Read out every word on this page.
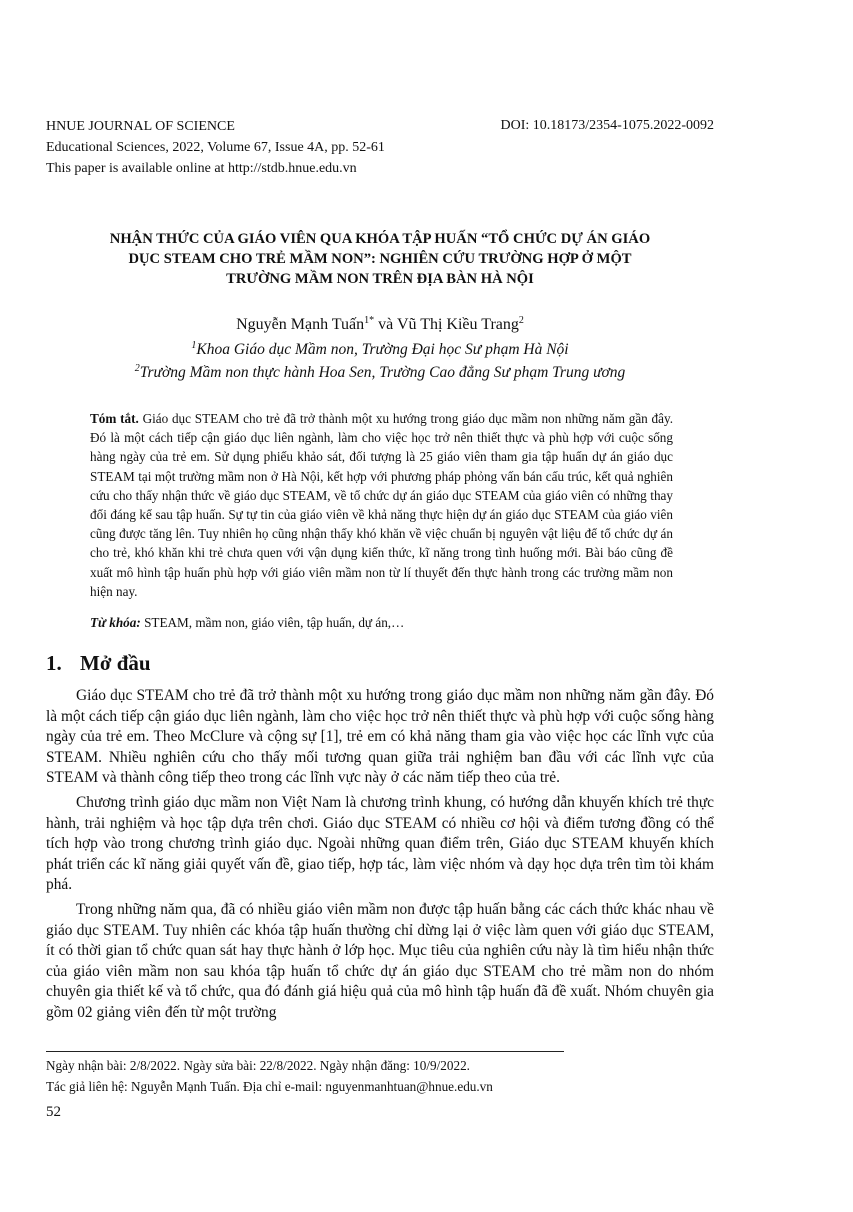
HNUE JOURNAL OF SCIENCE	DOI: 10.18173/2354-1075.2022-0092
Educational Sciences, 2022, Volume 67, Issue 4A, pp. 52-61
This paper is available online at http://stdb.hnue.edu.vn
NHẬN THỨC CỦA GIÁO VIÊN QUA KHÓA TẬP HUẤN “TỔ CHỨC DỰ ÁN GIÁO
DỤC STEAM CHO TRẺ MẦM NON”: NGHIÊN CỨU TRƯỜNG HỢP Ở MỘT
TRƯỜNG MẦM NON TRÊN ĐỊA BÀN HÀ NỘI
Nguyễn Mạnh Tuấn$^{1*}$ và Vũ Thị Kiều Trang$^2$
$^1$Khoa Giáo dục Mầm non, Trường Đại học Sư phạm Hà Nội
$^2$Trường Mầm non thực hành Hoa Sen, Trường Cao đẳng Sư phạm Trung ương
Tóm tắt. Giáo dục STEAM cho trẻ đã trở thành một xu hướng trong giáo dục mầm non những năm gần đây. Đó là một cách tiếp cận giáo dục liên ngành, làm cho việc học trở nên thiết thực và phù hợp với cuộc sống hàng ngày của trẻ em. Sử dụng phiếu khảo sát, đối tượng là 25 giáo viên tham gia tập huấn dự án giáo dục STEAM tại một trường mầm non ở Hà Nội, kết hợp với phương pháp phỏng vấn bán cấu trúc, kết quả nghiên cứu cho thấy nhận thức về giáo dục STEAM, về tổ chức dự án giáo dục STEAM của giáo viên có những thay đổi đáng kể sau tập huấn. Sự tự tin của giáo viên về khả năng thực hiện dự án giáo dục STEAM của giáo viên cũng được tăng lên. Tuy nhiên họ cũng nhận thấy khó khăn về việc chuẩn bị nguyên vật liệu để tổ chức dự án cho trẻ, khó khăn khi trẻ chưa quen với vận dụng kiến thức, kĩ năng trong tình huống mới. Bài báo cũng đề xuất mô hình tập huấn phù hợp với giáo viên mầm non từ lí thuyết đến thực hành trong các trường mầm non hiện nay.
Từ khóa: STEAM, mầm non, giáo viên, tập huấn, dự án,…
1. Mở đầu

Giáo dục STEAM cho trẻ đã trở thành một xu hướng trong giáo dục mầm non những năm gần đây. Đó là một cách tiếp cận giáo dục liên ngành, làm cho việc học trở nên thiết thực và phù hợp với cuộc sống hàng ngày của trẻ em. Theo McClure và cộng sự [1], trẻ em có khả năng tham gia vào việc học các lĩnh vực của STEAM. Nhiều nghiên cứu cho thấy mối tương quan giữa trải nghiệm ban đầu với các lĩnh vực của STEAM và thành công tiếp theo trong các lĩnh vực này ở các năm tiếp theo của trẻ.

Chương trình giáo dục mầm non Việt Nam là chương trình khung, có hướng dẫn khuyến khích trẻ thực hành, trải nghiệm và học tập dựa trên chơi. Giáo dục STEAM có nhiều cơ hội và điểm tương đồng có thể tích hợp vào trong chương trình giáo dục. Ngoài những quan điểm trên, Giáo dục STEAM khuyến khích phát triển các kĩ năng giải quyết vấn đề, giao tiếp, hợp tác, làm việc nhóm và dạy học dựa trên tìm tòi khám phá.

Trong những năm qua, đã có nhiều giáo viên mầm non được tập huấn bằng các cách thức khác nhau về giáo dục STEAM. Tuy nhiên các khóa tập huấn thường chỉ dừng lại ở việc làm quen với giáo dục STEAM, ít có thời gian tổ chức quan sát hay thực hành ở lớp học. Mục tiêu của nghiên cứu này là tìm hiểu nhận thức của giáo viên mầm non sau khóa tập huấn tổ chức dự án giáo dục STEAM cho trẻ mầm non do nhóm chuyên gia thiết kế và tổ chức, qua đó đánh giá hiệu quả của mô hình tập huấn đã đề xuất. Nhóm chuyên gia gồm 02 giảng viên đến từ một trường

Ngày nhận bài: 2/8/2022. Ngày sửa bài: 22/8/2022. Ngày nhận đăng: 10/9/2022.
Tác giả liên hệ: Nguyễn Mạnh Tuấn. Địa chỉ e-mail: nguyenmanhtuan@hnue.edu.vn
52
